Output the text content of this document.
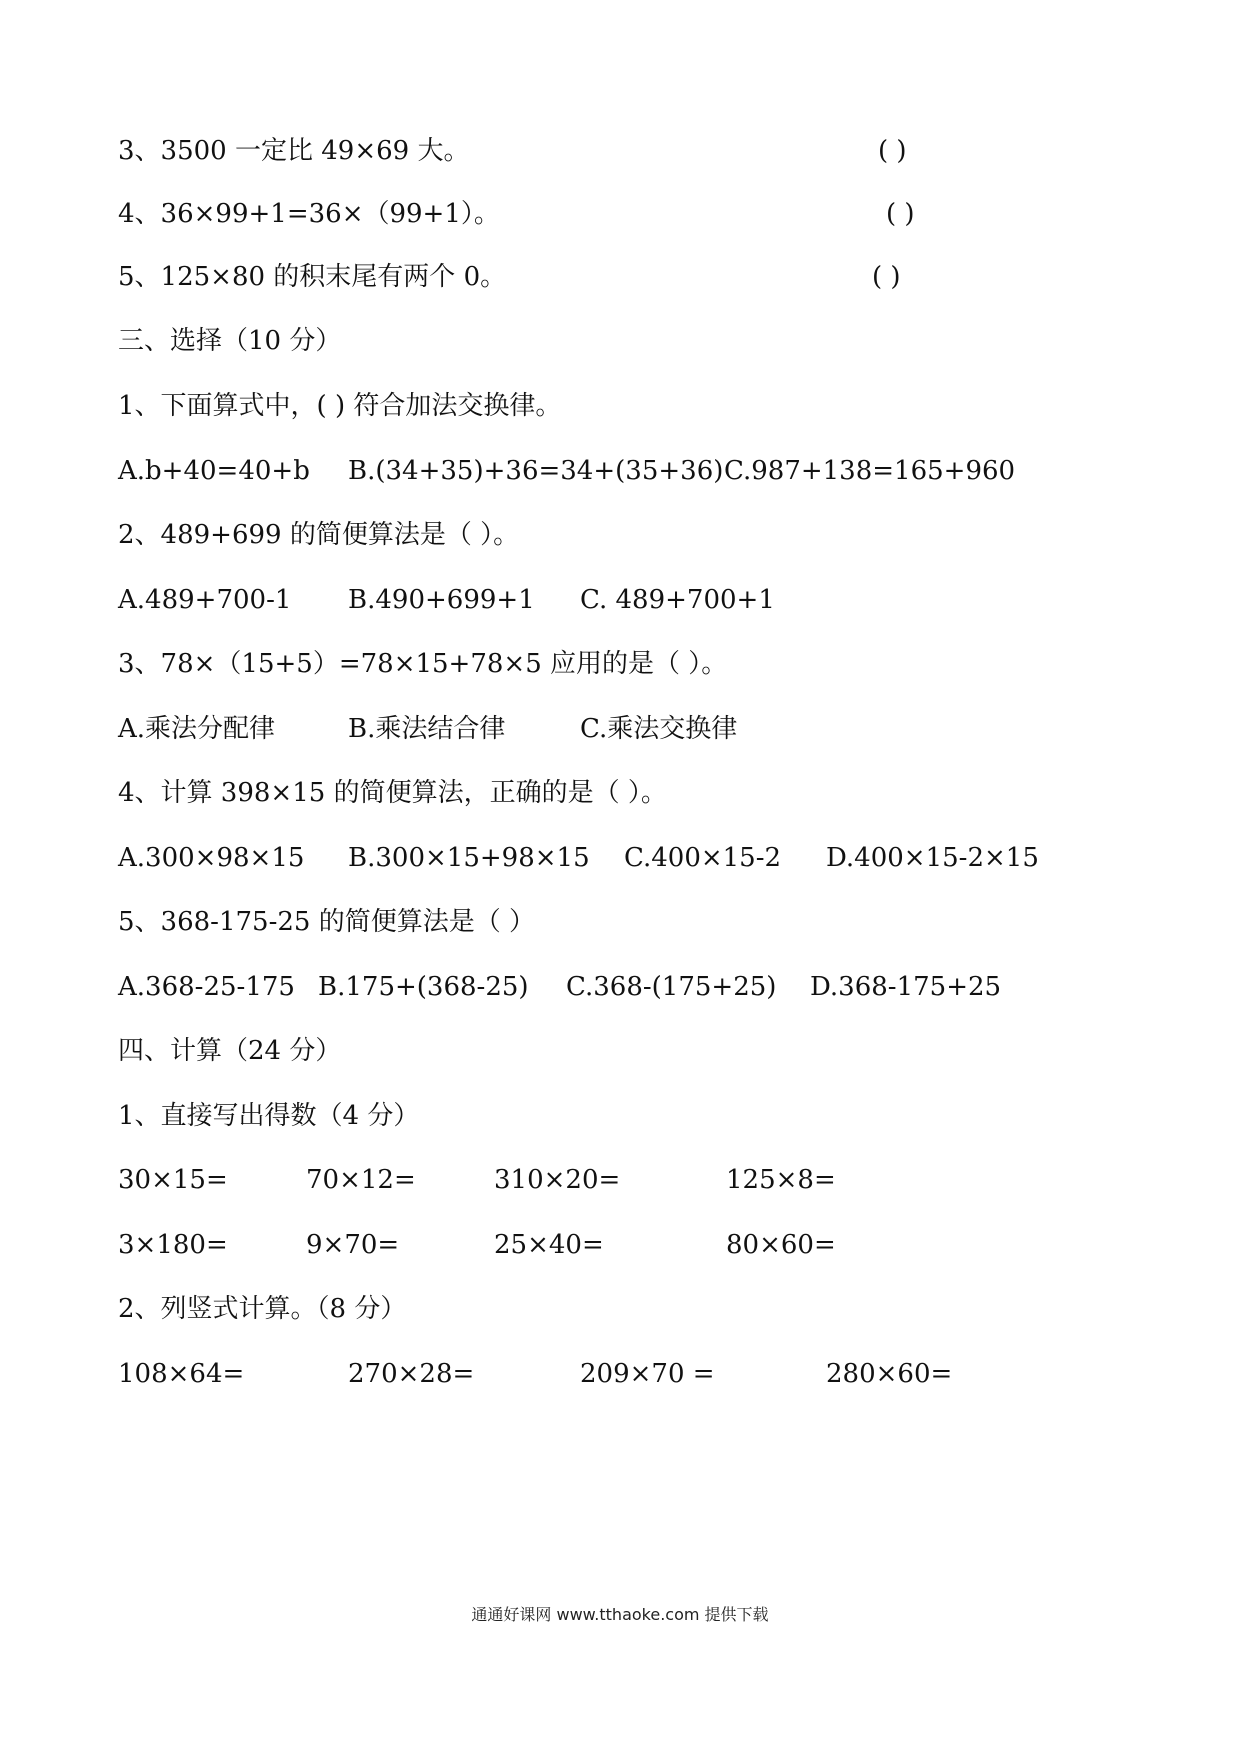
3、3500 一定比 49×69 大。	( )
4、36×99+1=36×（99+1）。	( )
5、125×80 的积末尾有两个 0。	( )
三、选择（10 分）
1、下面算式中，( ) 符合加法交换律。
A.b+40=40+b B.(34+35)+36=34+(35+36) C.987+138=165+960
2、489+699 的简便算法是（ ）。
A.489+700-1 B.490+699+1 C. 489+700+1
3、78×（15+5）=78×15+78×5 应用的是（ ）。
A.乘法分配律	B.乘法结合律	C.乘法交换律
4、计算 398×15 的简便算法，正确的是（ ）。
A.300×98×15 B.300×15+98×15 C.400×15-2 D.400×15-2×15
5、368-175-25 的简便算法是（ ）
A.368-25-175 B.175+(368-25) C.368-(175+25) D.368-175+25
四、计算（24 分）
1、直接写出得数（4 分）
30×15=	70×12=	310×20=	125×8=
3×180=	9×70=	25×40=	80×60=
2、列竖式计算。（8 分）
108×64=	270×28=	209×70 =	280×60=
通通好课网 www.tthaoke.com 提供下载
